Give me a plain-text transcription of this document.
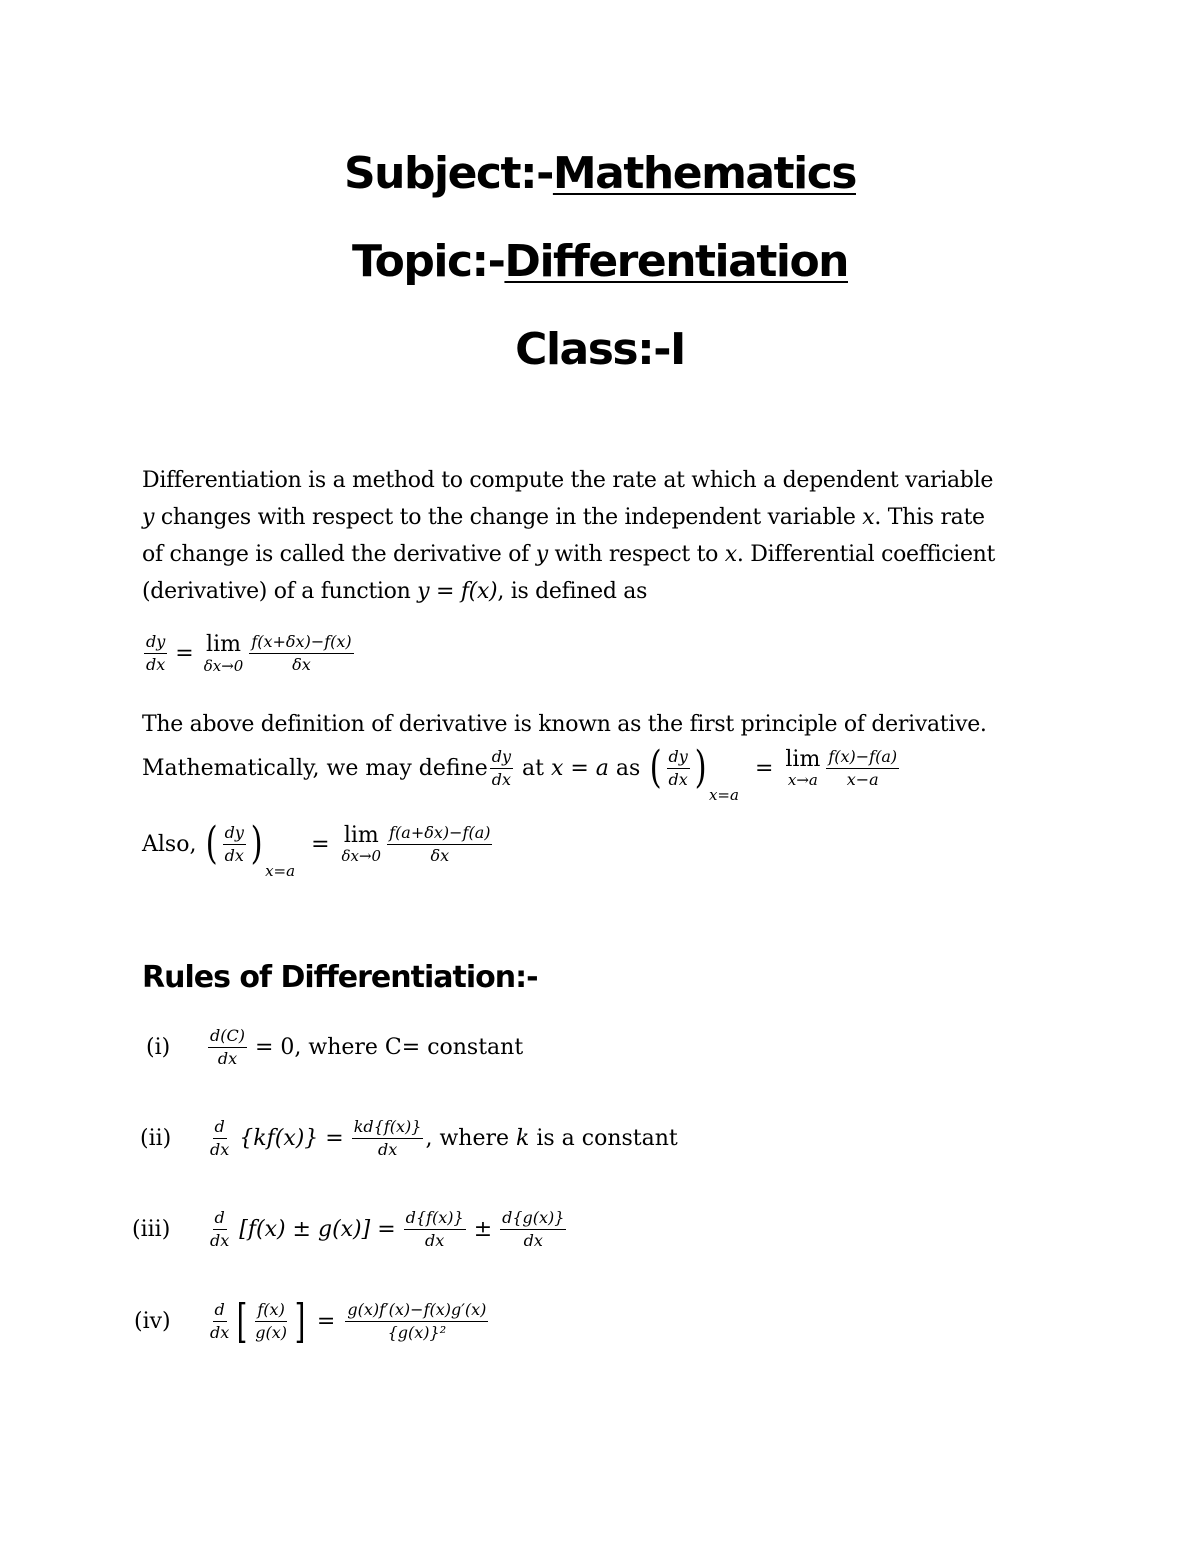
Subject:-Mathematics
Topic:-Differentiation
Class:-I
Differentiation is a method to compute the rate at which a dependent variable
y changes with respect to the change in the independent variable x. This rate
of change is called the derivative of y with respect to x. Differential coefficient
(derivative) of a function y = f(x), is defined as
$\frac{dy}{dx} = \lim$
$\delta x\to 0 \frac{f(x+\delta x)-f(x)}{\delta x}$
The above definition of derivative is known as the first principle of derivative.
Mathematically, we may define $\frac{dy}{dx}$ at x = a as ( $\frac{dy}{dx}$ )
x=a
= lim
$x\to a \frac{f(x)-f(a)}{x-a}$
Also, ( $\frac{dy}{dx}$ )
x=a
= lim
$\delta x\to 0 \frac{f(a+\delta x)-f(a)}{\delta x}$
Rules of Differentiation:-
(i)	$\frac{d(C)}{dx} = 0$, where C= constant
(ii)	$\frac{d}{dx} \{kf(x)\} = \frac{kd\{f(x)\}}{dx}$ , where k is a constant
(iii)	$\frac{d}{dx} [f(x) \pm g(x)] = \frac{d\{f(x)\}}{dx} \pm \frac{d\{g(x)\}}{dx}$
(iv)	$\frac{d}{dx}$ [ $\frac{f(x)}{g(x)}$ ] = $\frac{g(x)f'(x)-f(x)g'(x)}{\text{\{g(x)\}²}}$
